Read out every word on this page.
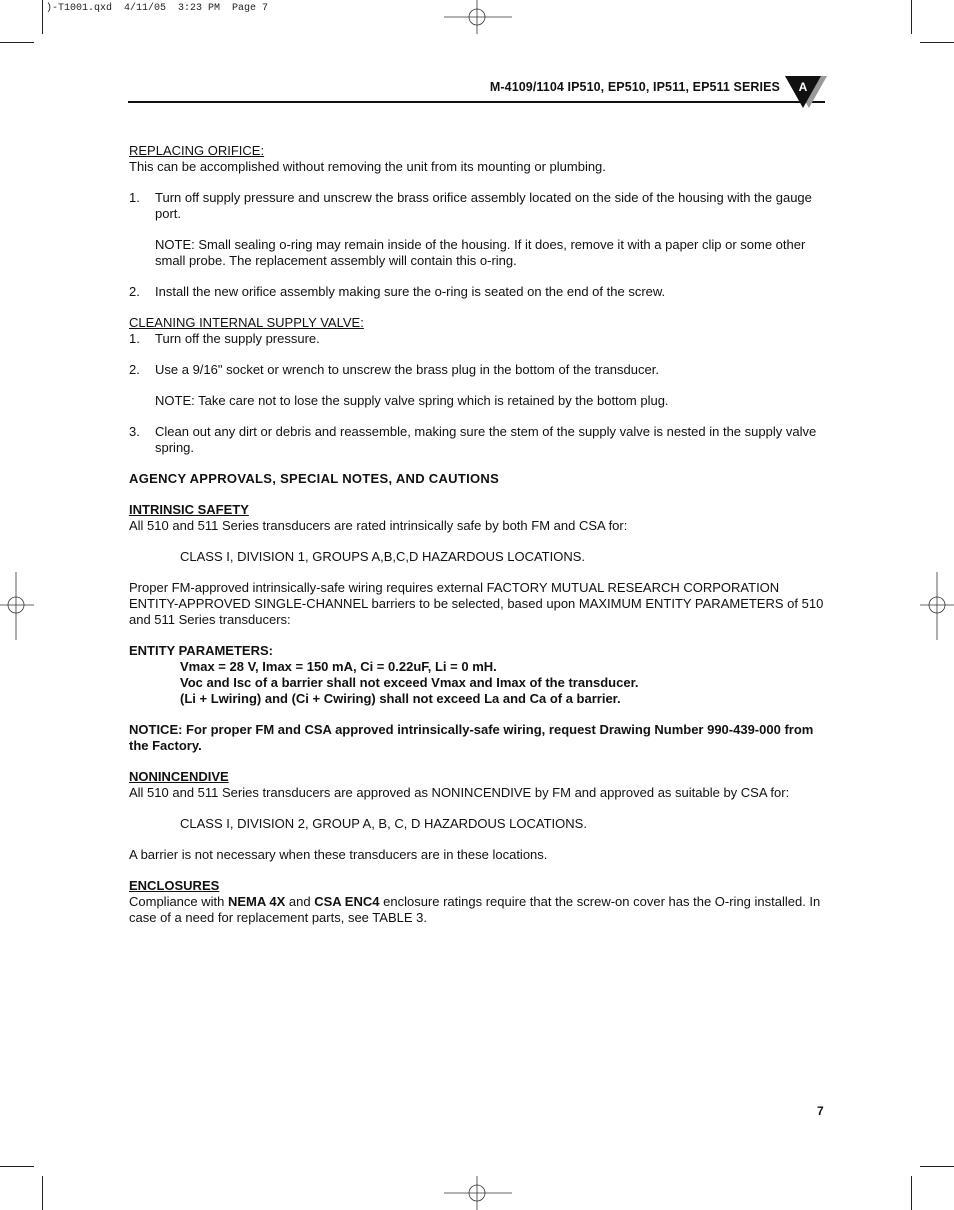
)-T1001.qxd  4/11/05  3:23 PM  Page 7
M-4109/1104 IP510, EP510, IP511, EP511 SERIES A

REPLACING ORIFICE:

This can be accomplished without removing the unit from its mounting or plumbing.

1.	Turn off supply pressure and unscrew the brass orifice assembly located on the side of the housing with the gauge port.

NOTE: Small sealing o-ring may remain inside of the housing. If it does, remove it with a paper clip or some other small probe. The replacement assembly will contain this o-ring.

2.	Install the new orifice assembly making sure the o-ring is seated on the end of the screw.

CLEANING INTERNAL SUPPLY VALVE:

1.	Turn off the supply pressure.
2.	Use a 9/16" socket or wrench to unscrew the brass plug in the bottom of the transducer.

NOTE: Take care not to lose the supply valve spring which is retained by the bottom plug.

3.	Clean out any dirt or debris and reassemble, making sure the stem of the supply valve is nested in the supply valve spring.

AGENCY APPROVALS, SPECIAL NOTES, AND CAUTIONS

INTRINSIC SAFETY

All 510 and 511 Series transducers are rated intrinsically safe by both FM and CSA for:

CLASS I, DIVISION 1, GROUPS A,B,C,D HAZARDOUS LOCATIONS.

Proper FM-approved intrinsically-safe wiring requires external FACTORY MUTUAL RESEARCH CORPORATION ENTITY-APPROVED SINGLE-CHANNEL barriers to be selected, based upon MAXIMUM ENTITY PARAMETERS of 510 and 511 Series transducers:

ENTITY PARAMETERS:

Vmax = 28 V, Imax = 150 mA, Ci = 0.22uF, Li = 0 mH.

Voc and Isc of a barrier shall not exceed Vmax and Imax of the transducer.

(Li + Lwiring) and (Ci + Cwiring) shall not exceed La and Ca of a barrier.

NOTICE: For proper FM and CSA approved intrinsically-safe wiring, request Drawing Number 990-439-000 from the Factory.

NONINCENDIVE

All 510 and 511 Series transducers are approved as NONINCENDIVE by FM and approved as suitable by CSA for:

CLASS I, DIVISION 2, GROUP A, B, C, D HAZARDOUS LOCATIONS.

A barrier is not necessary when these transducers are in these locations.

ENCLOSURES

Compliance with NEMA 4X and CSA ENC4 enclosure ratings require that the screw-on cover has the O-ring installed. In case of a need for replacement parts, see TABLE 3.

7
